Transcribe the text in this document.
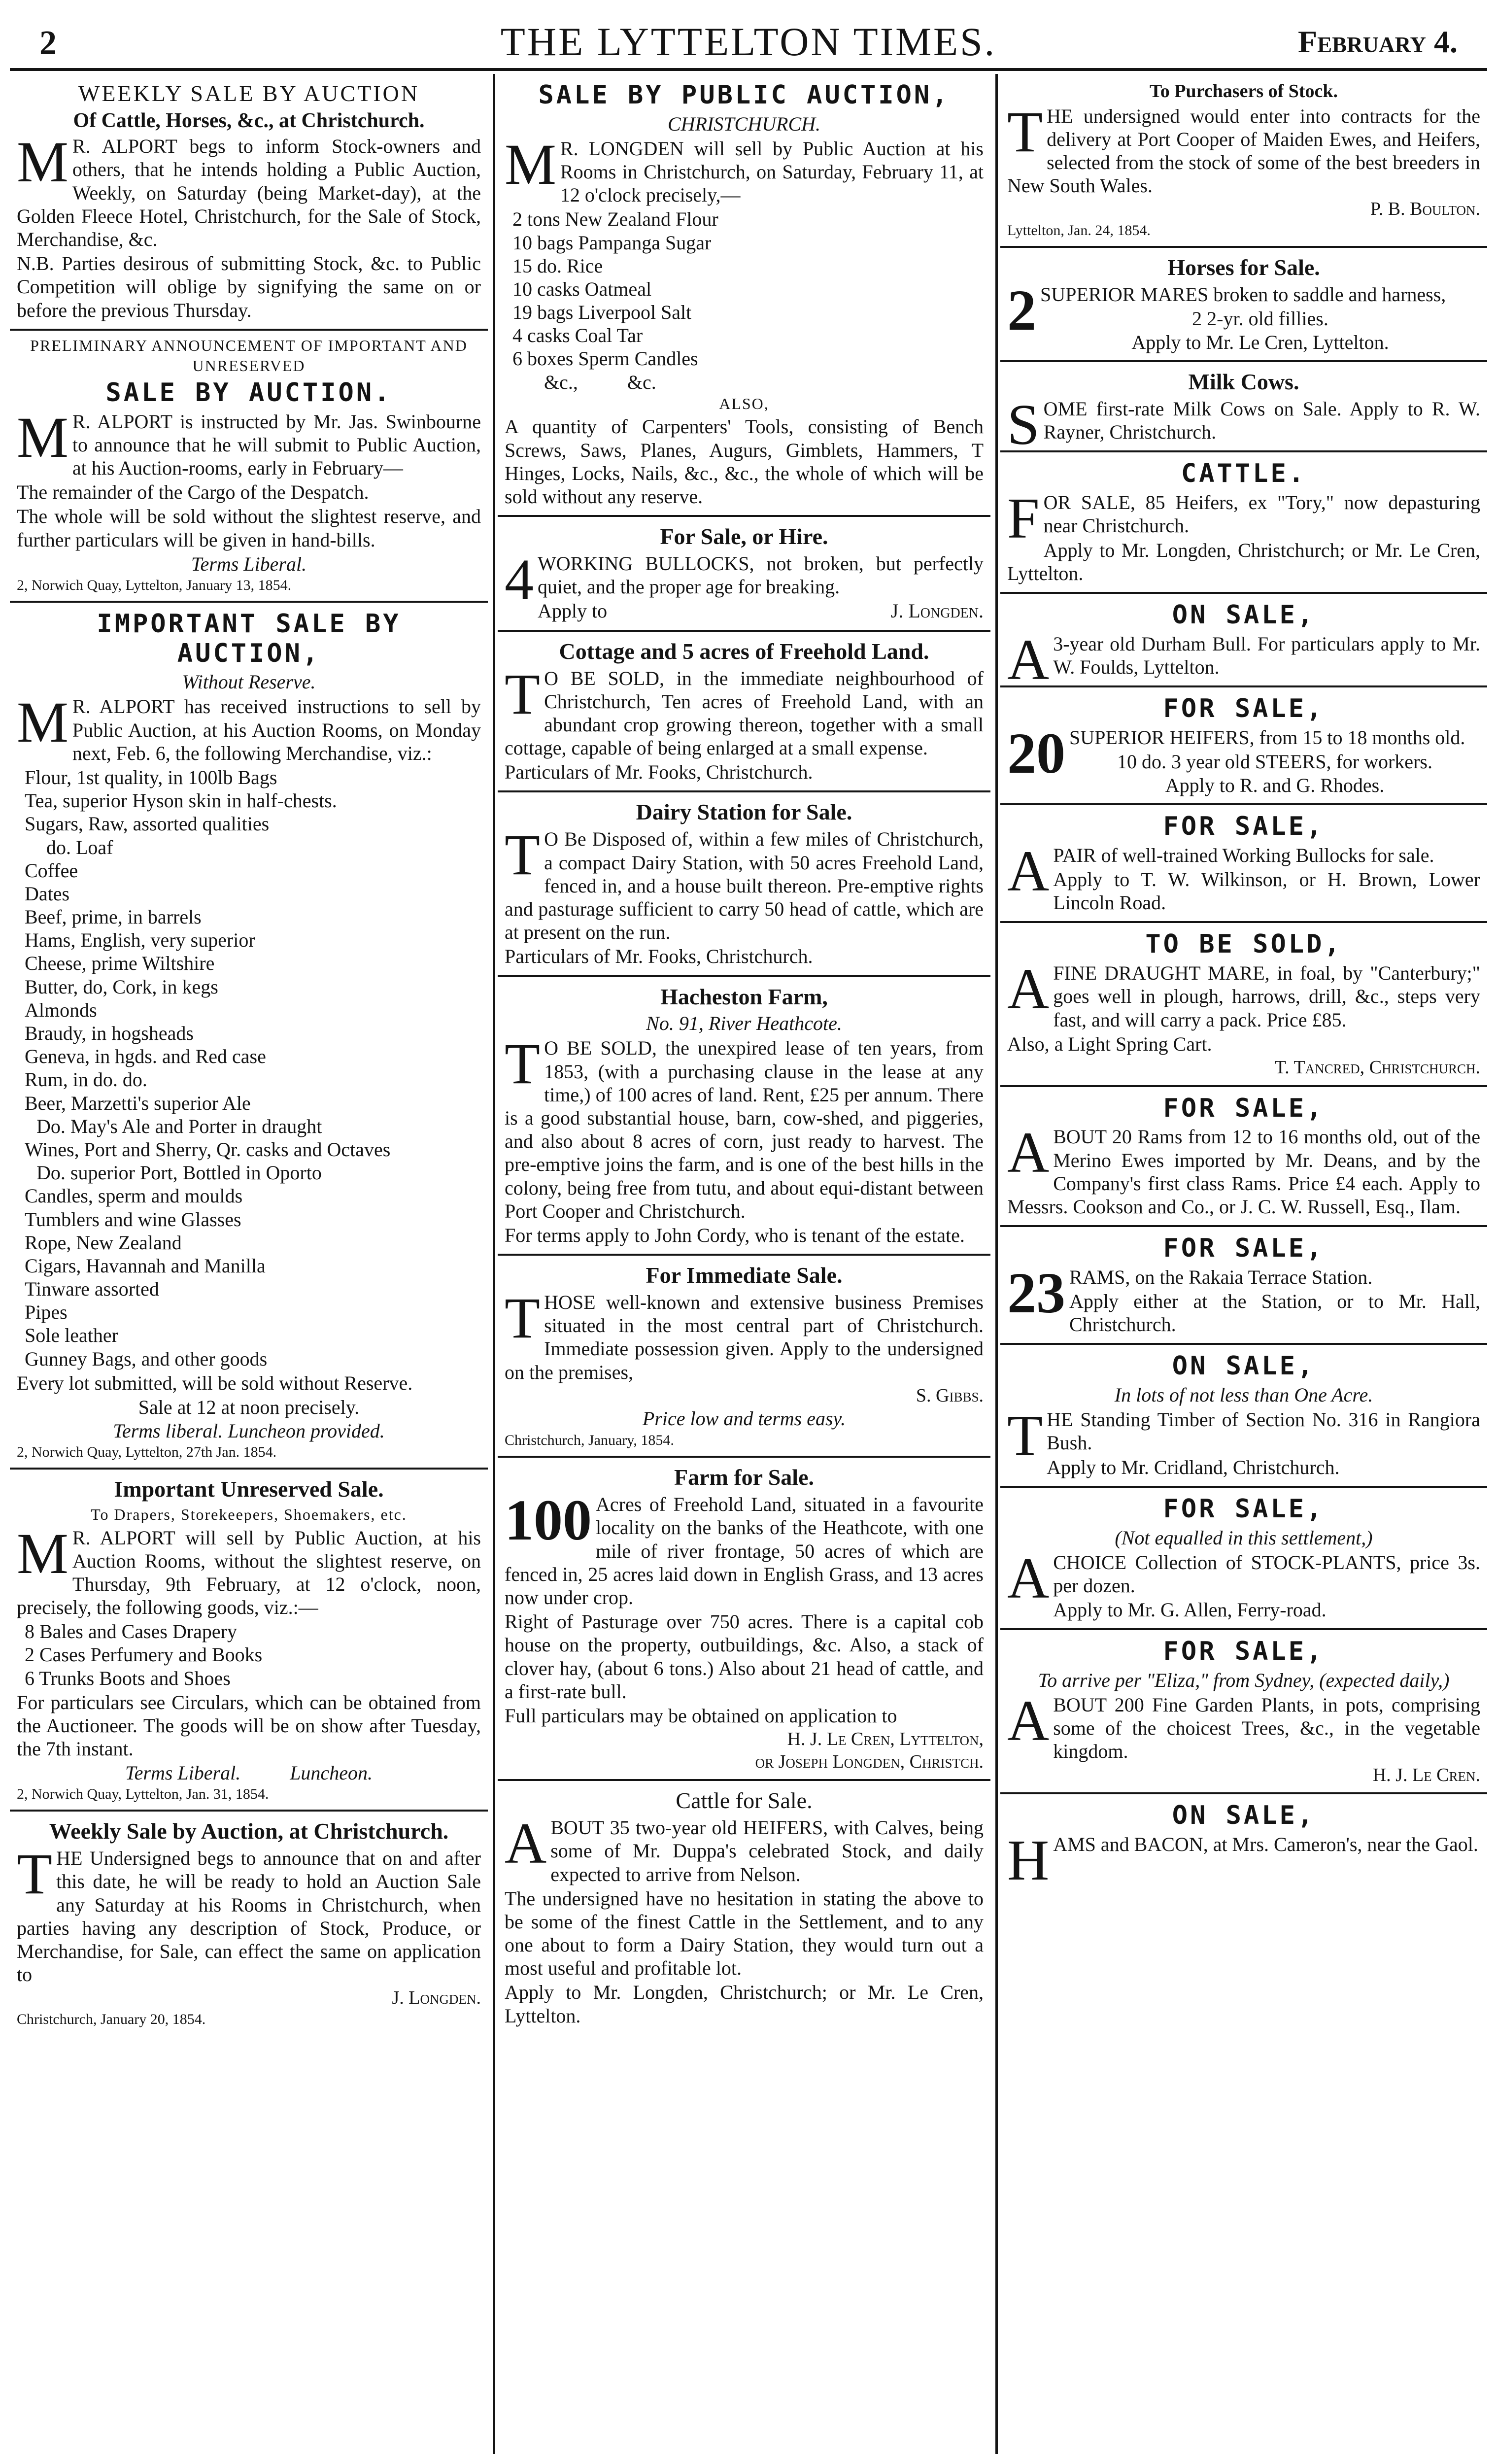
2	THE LYTTELTON TIMES.	February 4.
WEEKLY SALE BY AUCTION
Of Cattle, Horses, &c., at Christchurch.
M R. ALPORT begs to inform Stock-owners and others, that he intends holding a Public Auction, Weekly, on Saturday (being Market-day), at the Golden Fleece Hotel, Christchurch, for the Sale of Stock, Merchandise, &c.
N.B. Parties desirous of submitting Stock, &c. to Public Competition will oblige by signifying the same on or before the previous Thursday.
PRELIMINARY ANNOUNCEMENT OF IMPORTANT AND UNRESERVED
SALE BY AUCTION.
M R. ALPORT is instructed by Mr. Jas. Swinbourne to announce that he will submit to Public Auction, at his Auction-rooms, early in February—
The remainder of the Cargo of the Despatch.
The whole will be sold without the slightest reserve, and further particulars will be given in hand-bills.
Terms Liberal.
2, Norwich Quay, Lyttelton, January 13, 1854.
IMPORTANT SALE BY AUCTION,
Without Reserve.
M R. ALPORT has received instructions to sell by Public Auction, at his Auction Rooms, on Monday next, Feb. 6, the following Merchandise, viz.:
Flour, 1st quality, in 100lb Bags
Tea, superior Hyson skin in half-chests.
Sugars, Raw, assorted qualities
do. Loaf
Coffee
Dates
Beef, prime, in barrels
Hams, English, very superior
Cheese, prime Wiltshire
Butter, do, Cork, in kegs
Almonds
Braudy, in hogsheads
Geneva, in hgds. and Red case
Rum, in do. do.
Beer, Marzetti's superior Ale
Do. May's Ale and Porter in draught
Wines, Port and Sherry, Qr. casks and Octaves
Do. superior Port, Bottled in Oporto
Candles, sperm and moulds
Tumblers and wine Glasses
Rope, New Zealand
Cigars, Havannah and Manilla
Tinware assorted
Pipes
Sole leather
Gunney Bags, and other goods
Every lot submitted, will be sold without Reserve.
Sale at 12 at noon precisely.
Terms liberal. Luncheon provided.
2, Norwich Quay, Lyttelton, 27th Jan. 1854.
Important Unreserved Sale.
To Drapers, Storekeepers, Shoemakers, etc.
M R. ALPORT will sell by Public Auction, at his Auction Rooms, without the slightest reserve, on Thursday, 9th February, at 12 o'clock, noon, precisely, the following goods, viz.:—
8 Bales and Cases Drapery
2 Cases Perfumery and Books
6 Trunks Boots and Shoes
For particulars see Circulars, which can be obtained from the Auctioneer. The goods will be on show after Tuesday, the 7th instant.
Terms Liberal.          Luncheon.
2, Norwich Quay, Lyttelton, Jan. 31, 1854.
Weekly Sale by Auction, at Christchurch.
THE Undersigned begs to announce that on and after this date, he will be ready to hold an Auction Sale any Saturday at his Rooms in Christchurch, when parties having any description of Stock, Produce, or Merchandise, for Sale, can effect the same on application to
J. Longden.
Christchurch, January 20, 1854.
SALE BY PUBLIC AUCTION,
CHRISTCHURCH.
M R. LONGDEN will sell by Public Auction at his Rooms in Christchurch, on Saturday, February 11, at 12 o'clock precisely,—
2 tons New Zealand Flour
10 bags Pampanga Sugar
15 do. Rice
10 casks Oatmeal
19 bags Liverpool Salt
4 casks Coal Tar
6 boxes Sperm Candles
&c.,          &c.
ALSO,
A quantity of Carpenters' Tools, consisting of Bench Screws, Saws, Planes, Augurs, Gimblets, Hammers, T Hinges, Locks, Nails, &c., &c., the whole of which will be sold without any reserve.
For Sale, or Hire.
4 WORKING BULLOCKS, not broken, but perfectly quiet, and the proper age for breaking.
Apply to	J. Longden.
Cottage and 5 acres of Freehold Land.
T O BE SOLD, in the immediate neighbourhood of Christchurch, Ten acres of Freehold Land, with an abundant crop growing thereon, together with a small cottage, capable of being enlarged at a small expense.
Particulars of Mr. Fooks, Christchurch.
Dairy Station for Sale.
T O Be Disposed of, within a few miles of Christchurch, a compact Dairy Station, with 50 acres Freehold Land, fenced in, and a house built thereon. Pre-emptive rights and pasturage sufficient to carry 50 head of cattle, which are at present on the run.
Particulars of Mr. Fooks, Christchurch.
Hacheston Farm,
No. 91, River Heathcote.
T O BE SOLD, the unexpired lease of ten years, from 1853, (with a purchasing clause in the lease at any time,) of 100 acres of land. Rent, £25 per annum. There is a good substantial house, barn, cow-shed, and piggeries, and also about 8 acres of corn, just ready to harvest. The pre-emptive joins the farm, and is one of the best hills in the colony, being free from tutu, and about equi-distant between Port Cooper and Christchurch.
For terms apply to John Cordy, who is tenant of the estate.
For Immediate Sale.
THOSE well-known and extensive business Premises situated in the most central part of Christchurch. Immediate possession given. Apply to the undersigned on the premises,
S. Gibbs.
Price low and terms easy.
Christchurch, January, 1854.
Farm for Sale.
100 Acres of Freehold Land, situated in a favourite locality on the banks of the Heathcote, with one mile of river frontage, 50 acres of which are fenced in, 25 acres laid down in English Grass, and 13 acres now under crop.
Right of Pasturage over 750 acres. There is a capital cob house on the property, outbuildings, &c. Also, a stack of clover hay, (about 6 tons.) Also about 21 head of cattle, and a first-rate bull.
Full particulars may be obtained on application to
H. J. Le Cren, Lyttelton,
or Joseph Longden, Christch.
Cattle for Sale.
ABOUT 35 two-year old HEIFERS, with Calves, being some of Mr. Duppa's celebrated Stock, and daily expected to arrive from Nelson.
The undersigned have no hesitation in stating the above to be some of the finest Cattle in the Settlement, and to any one about to form a Dairy Station, they would turn out a most useful and profitable lot.
Apply to Mr. Longden, Christchurch; or Mr. Le Cren, Lyttelton.
To Purchasers of Stock.
THE undersigned would enter into contracts for the delivery at Port Cooper of Maiden Ewes, and Heifers, selected from the stock of some of the best breeders in New South Wales.
P. B. Boulton.
Lyttelton, Jan. 24, 1854.
Horses for Sale.
2 SUPERIOR MARES broken to saddle and harness,
2 2-yr. old fillies.
Apply to Mr. Le Cren, Lyttelton.
Milk Cows.
SOME first-rate Milk Cows on Sale. Apply to R. W. Rayner, Christchurch.
CATTLE.
FOR SALE, 85 Heifers, ex "Tory," now depasturing near Christchurch.
Apply to Mr. Longden, Christchurch; or Mr. Le Cren, Lyttelton.
ON SALE,
A 3-year old Durham Bull. For particulars apply to Mr. W. Foulds, Lyttelton.
FOR SALE,
20 SUPERIOR HEIFERS, from 15 to 18 months old.
10 do. 3 year old STEERS, for workers.
Apply to R. and G. Rhodes.
FOR SALE,
APAIR of well-trained Working Bullocks for sale.
Apply to T. W. Wilkinson, or H. Brown, Lower Lincoln Road.
TO BE SOLD,
AFINE DRAUGHT MARE, in foal, by "Canterbury;" goes well in plough, harrows, drill, &c., steps very fast, and will carry a pack. Price £85.
Also, a Light Spring Cart.
T. Tancred, Christchurch.
FOR SALE,
ABOUT 20 Rams from 12 to 16 months old, out of the Merino Ewes imported by Mr. Deans, and by the Company's first class Rams. Price £4 each. Apply to Messrs. Cookson and Co., or J. C. W. Russell, Esq., Ilam.
FOR SALE,
23 RAMS, on the Rakaia Terrace Station.
Apply either at the Station, or to Mr. Hall, Christchurch.
ON SALE,
In lots of not less than One Acre.
THE Standing Timber of Section No. 316 in Rangiora Bush.
Apply to Mr. Cridland, Christchurch.
FOR SALE,
(Not equalled in this settlement,)
ACHOICE Collection of STOCK-PLANTS, price 3s. per dozen.
Apply to Mr. G. Allen, Ferry-road.
FOR SALE,
To arrive per "Eliza," from Sydney, (expected daily,)
ABOUT 200 Fine Garden Plants, in pots, comprising some of the choicest Trees, &c., in the vegetable kingdom.
H. J. Le Cren.
ON SALE,
HAMS and BACON, at Mrs. Cameron's, near the Gaol.
